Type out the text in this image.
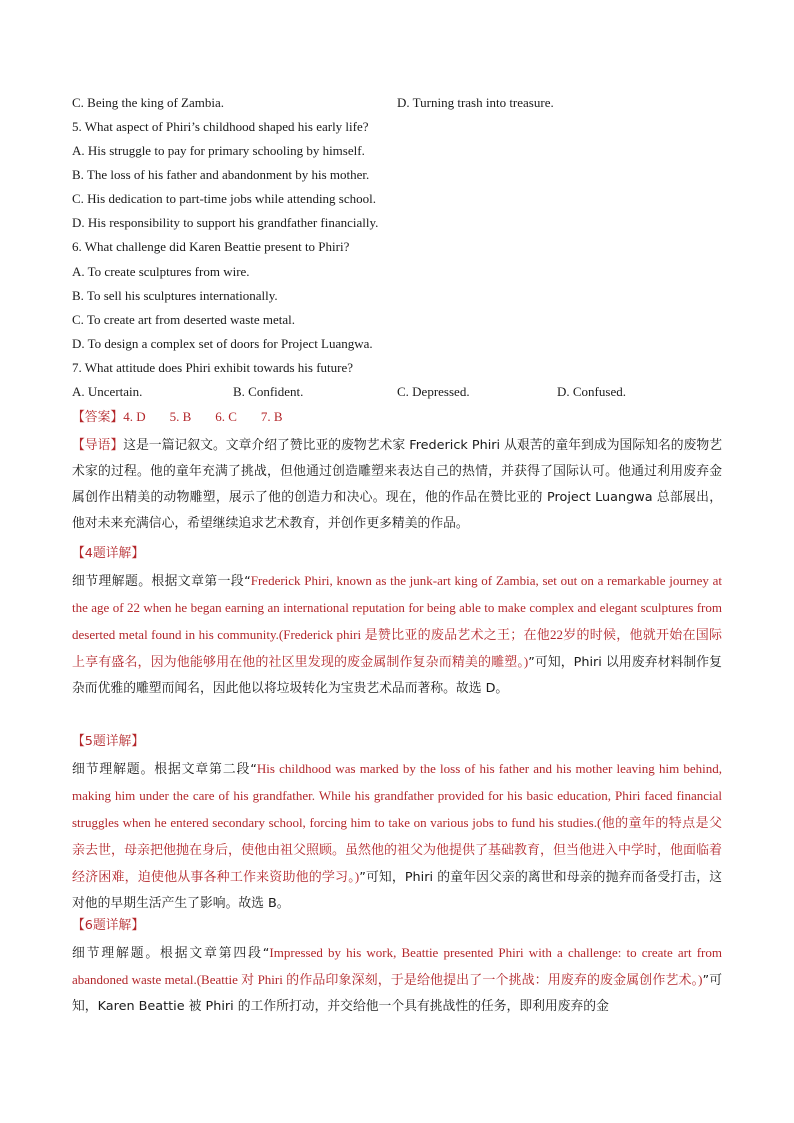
C. Being the king of Zambia.	D. Turning trash into treasure.
5. What aspect of Phiri’s childhood shaped his early life?
A. His struggle to pay for primary schooling by himself.
B. The loss of his father and abandonment by his mother.
C. His dedication to part-time jobs while attending school.
D. His responsibility to support his grandfather financially.
6. What challenge did Karen Beattie present to Phiri?
A. To create sculptures from wire.
B. To sell his sculptures internationally.
C. To create art from deserted waste metal.
D. To design a complex set of doors for Project Luangwa.
7. What attitude does Phiri exhibit towards his future?
A. Uncertain.	B. Confident.	C. Depressed.	D. Confused.
【答案】4. D 5. B 6. C 7. B

【导语】这是一篇记叙文。文章介绍了赞比亚的废物艺术家 Frederick Phiri 从艰苦的童年到成为国际知名的废物艺术家的过程。他的童年充满了挑战，但他通过创造雕塑来表达自己的热情，并获得了国际认可。他通过利用废弃金属创作出精美的动物雕塑，展示了他的创造力和决心。现在，他的作品在赞比亚的 Project Luangwa 总部展出，他对未来充满信心，希望继续追求艺术教育，并创作更多精美的作品。

【4题详解】

细节理解题。根据文章第一段“Frederick Phiri, known as the junk-art king of Zambia, set out on a remarkable journey at the age of 22 when he began earning an international reputation for being able to make complex and elegant sculptures from deserted metal found in his community.(Frederick phiri 是赞比亚的废品艺术之王；在他22岁的时候，他就开始在国际上享有盛名，因为他能够用在他的社区里发现的废金属制作复杂而精美的雕塑。)”可知，Phiri 以用废弃材料制作复杂而优雅的雕塑而闻名，因此他以将垃圾转化为宝贵艺术品而著称。故选 D。

【5题详解】

细节理解题。根据文章第二段“His childhood was marked by the loss of his father and his mother leaving him behind, making him under the care of his grandfather. While his grandfather provided for his basic education, Phiri faced financial struggles when he entered secondary school, forcing him to take on various jobs to fund his studies.(他的童年的特点是父亲去世，母亲把他抛在身后，使他由祖父照顾。虽然他的祖父为他提供了基础教育，但当他进入中学时，他面临着经济困难，迫使他从事各种工作来资助他的学习。)”可知，Phiri 的童年因父亲的离世和母亲的抛弃而备受打击，这对他的早期生活产生了影响。故选 B。

【6题详解】

细节理解题。根据文章第四段“Impressed by his work, Beattie presented Phiri with a challenge: to create art from abandoned waste metal.(Beattie 对 Phiri 的作品印象深刻，于是给他提出了一个挑战：用废弃的废金属创作艺术。)”可知，Karen Beattie 被 Phiri 的工作所打动，并交给他一个具有挑战性的任务，即利用废弃的金
